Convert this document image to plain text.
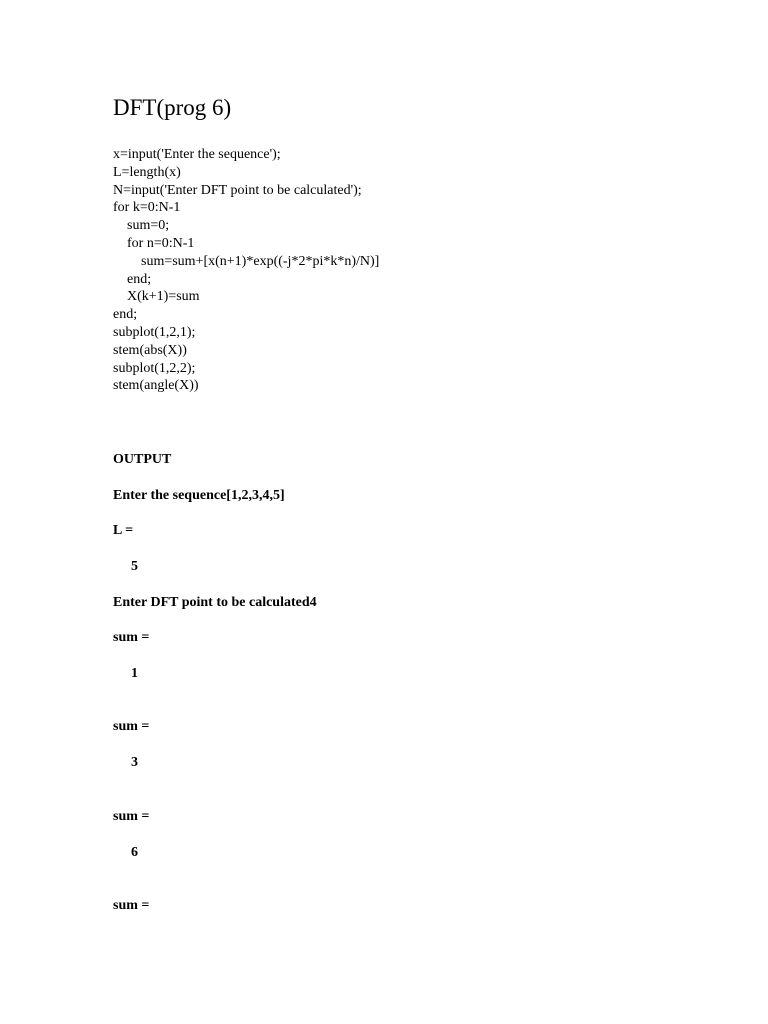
DFT(prog 6)
x=input('Enter the sequence');
L=length(x)
N=input('Enter DFT point to be calculated');
for k=0:N-1
sum=0;
for n=0:N-1
sum=sum+[x(n+1)*exp((-j*2*pi*k*n)/N)]
end;
X(k+1)=sum
end;
subplot(1,2,1);
stem(abs(X))
subplot(1,2,2);
stem(angle(X))
OUTPUT
Enter the sequence[1,2,3,4,5]
L =
5
Enter DFT point to be calculated4
sum =
1
sum =
3
sum =
6
sum =
